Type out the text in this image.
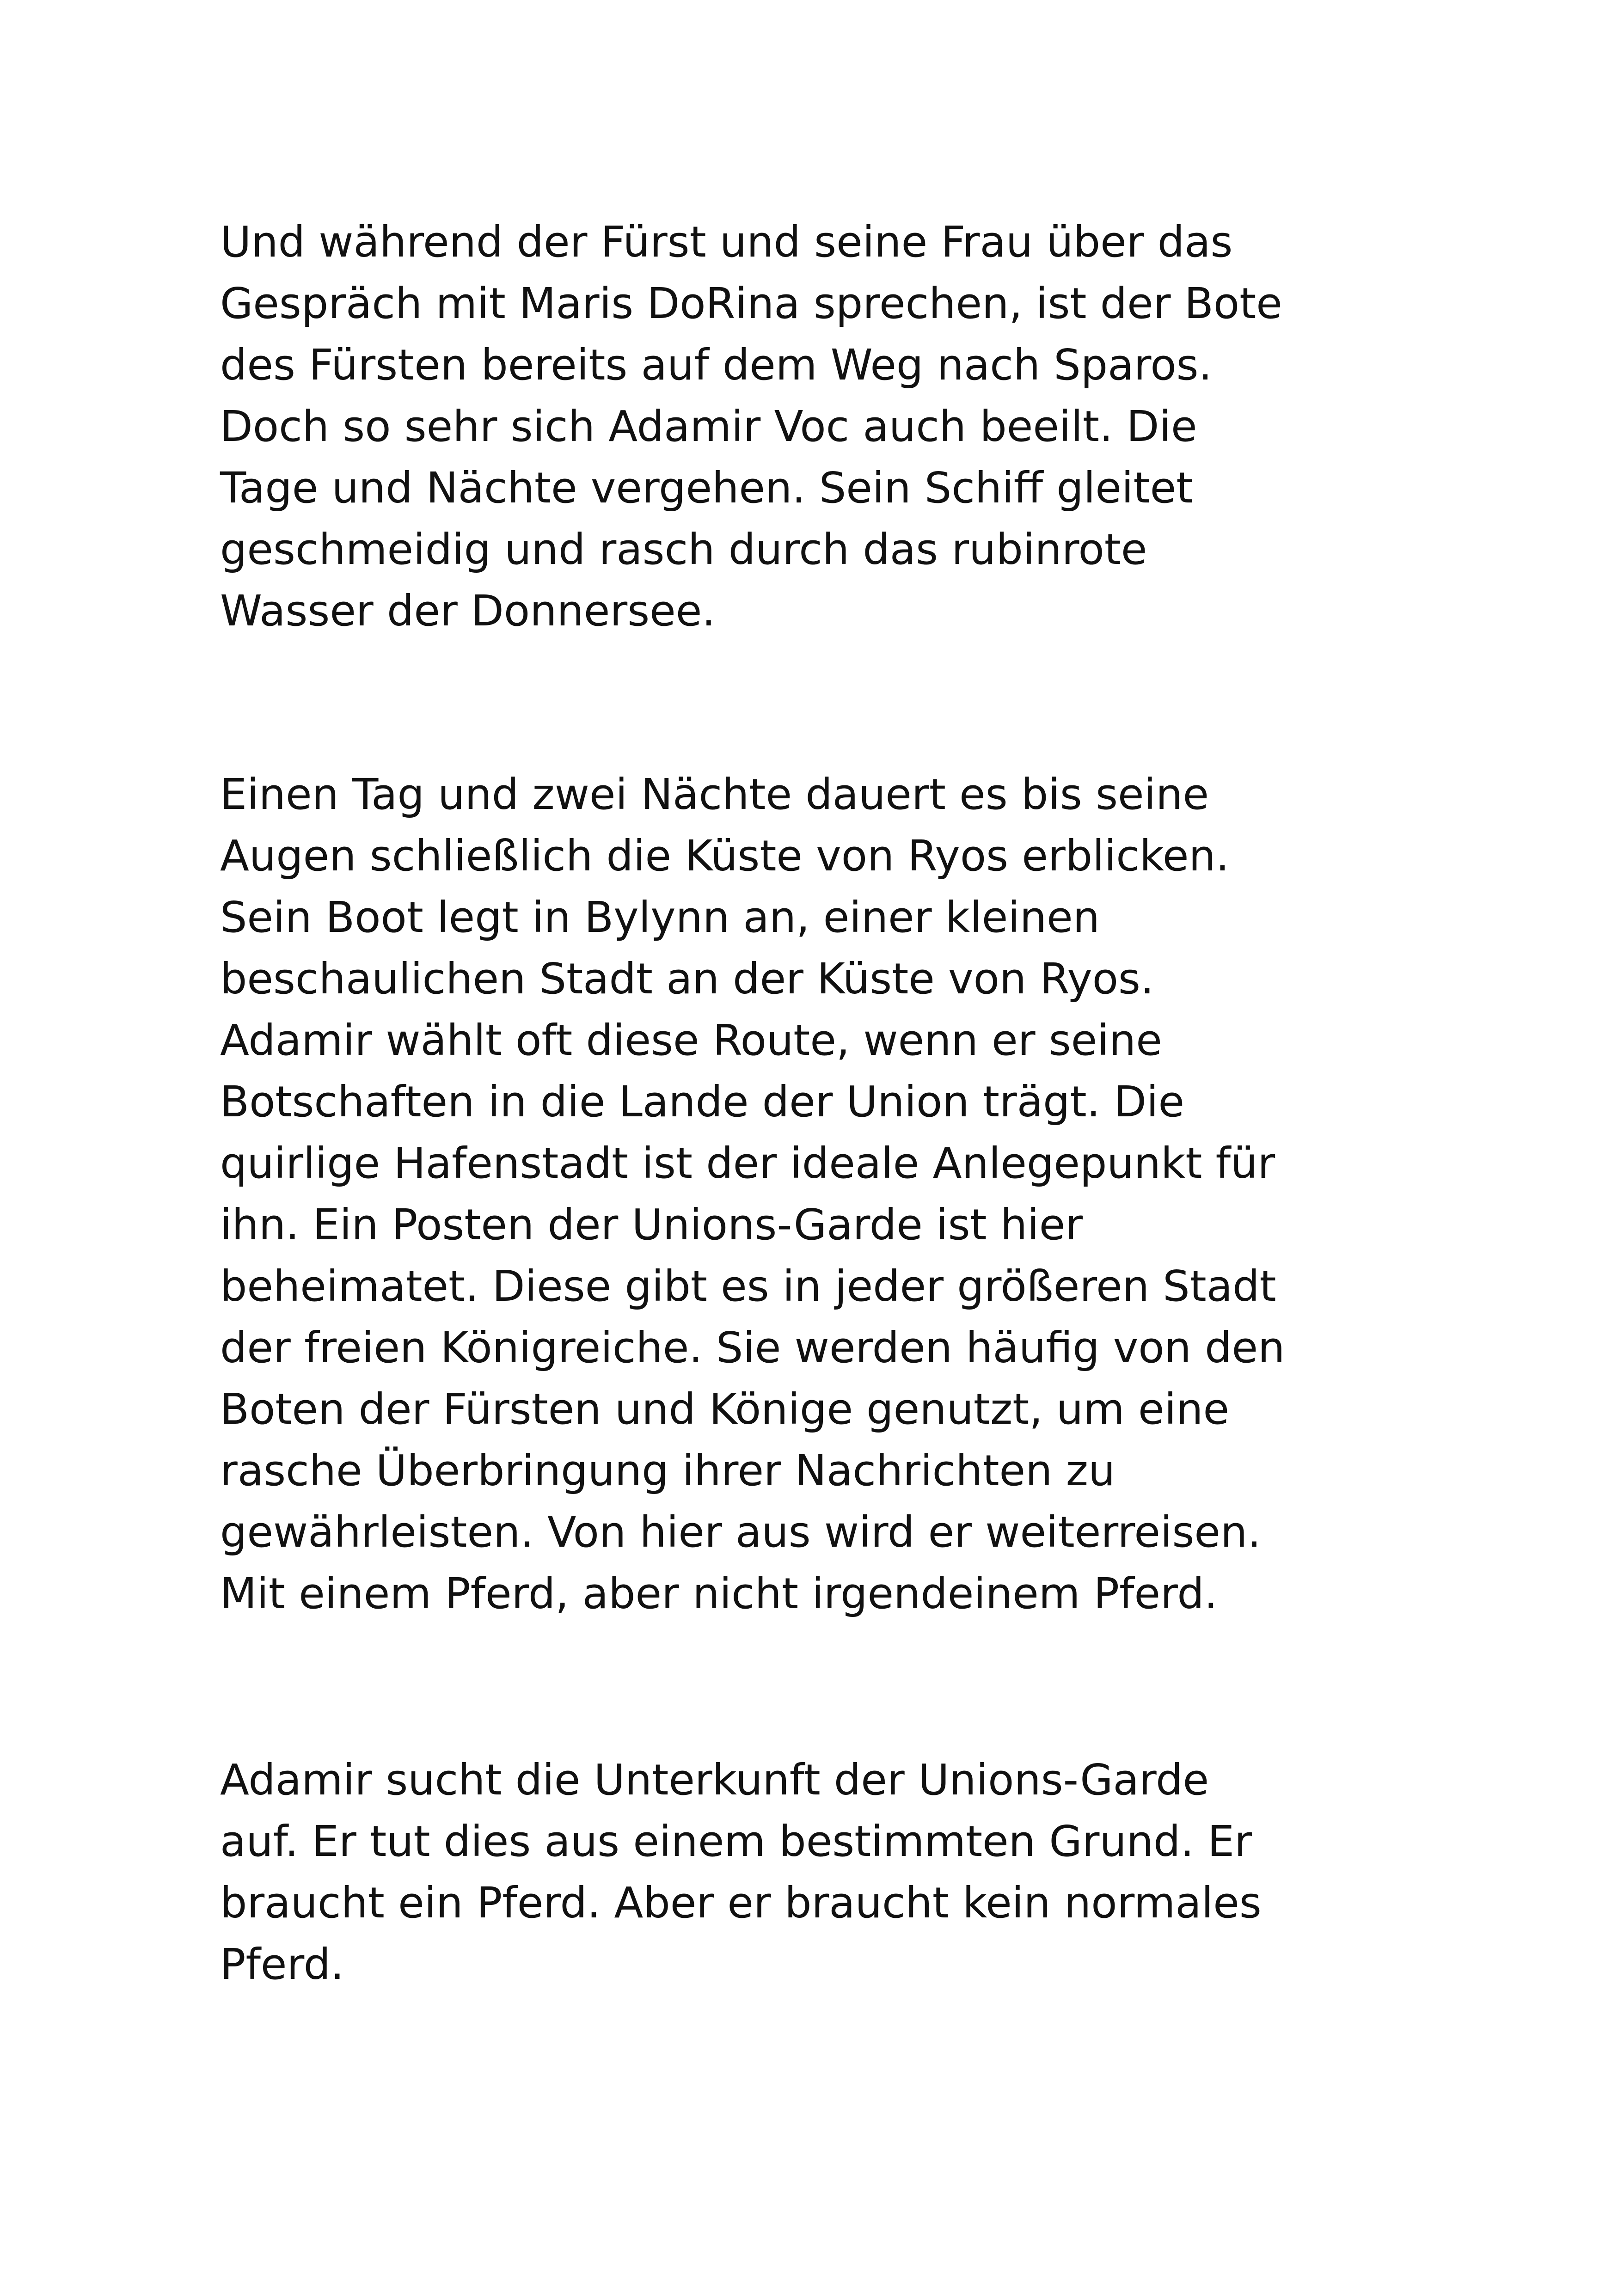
Und während der Fürst und seine Frau über das

Gespräch mit Maris DoRina sprechen, ist der Bote

des Fürsten bereits auf dem Weg nach Sparos.

Doch so sehr sich Adamir Voc auch beeilt. Die

Tage und Nächte vergehen. Sein Schiff gleitet

geschmeidig und rasch durch das rubinrote

Wasser der Donnersee.

Einen Tag und zwei Nächte dauert es bis seine

Augen schließlich die Küste von Ryos erblicken.

Sein Boot legt in Bylynn an, einer kleinen

beschaulichen Stadt an der Küste von Ryos.

Adamir wählt oft diese Route, wenn er seine

Botschaften in die Lande der Union trägt. Die

quirlige Hafenstadt ist der ideale Anlegepunkt für

ihn. Ein Posten der Unions-Garde ist hier

beheimatet. Diese gibt es in jeder größeren Stadt

der freien Königreiche. Sie werden häufig von den

Boten der Fürsten und Könige genutzt, um eine

rasche Überbringung ihrer Nachrichten zu

gewährleisten. Von hier aus wird er weiterreisen.

Mit einem Pferd, aber nicht irgendeinem Pferd.

Adamir sucht die Unterkunft der Unions-Garde

auf. Er tut dies aus einem bestimmten Grund. Er

braucht ein Pferd. Aber er braucht kein normales

Pferd.
